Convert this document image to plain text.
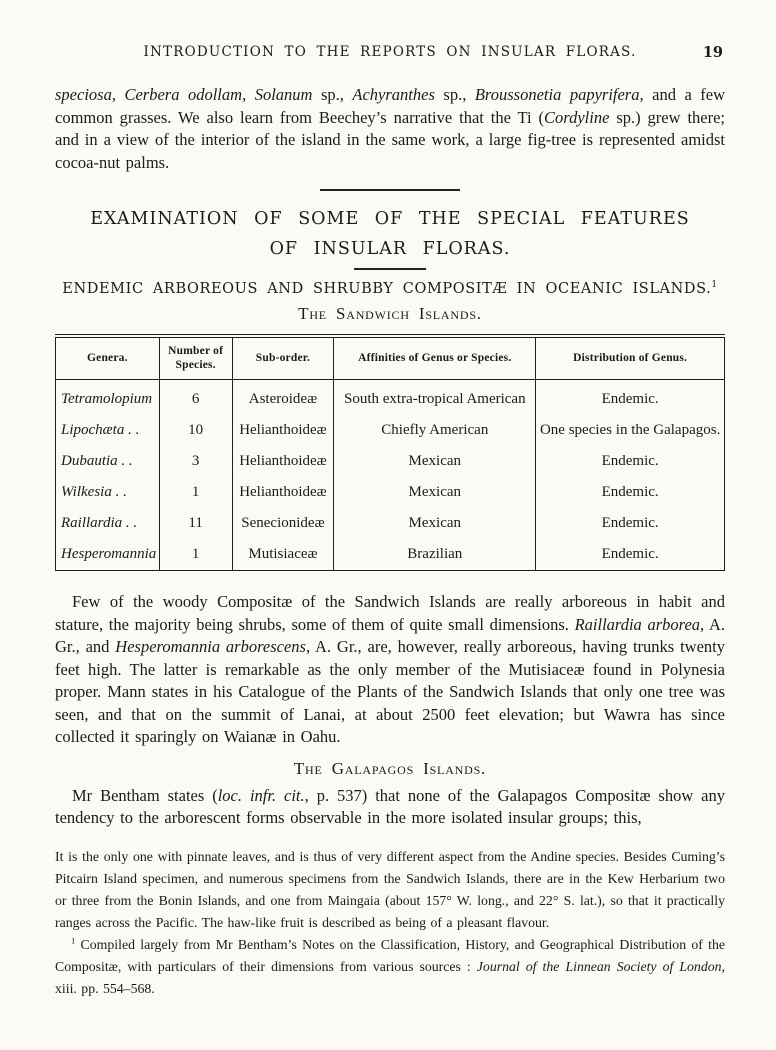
INTRODUCTION TO THE REPORTS ON INSULAR FLORAS.	19

speciosa, Cerbera odollam, Solanum sp., Achyranthes sp., Broussonetia papyrifera, and a few common grasses. We also learn from Beechey’s narrative that the Ti (Cordyline sp.) grew there; and in a view of the interior of the island in the same work, a large fig-tree is represented amidst cocoa-nut palms.

EXAMINATION OF SOME OF THE SPECIAL FEATURES OF INSULAR FLORAS.
ENDEMIC ARBOREOUS AND SHRUBBY COMPOSITÆ IN OCEANIC ISLANDS.$^1$
The Sandwich Islands.
Genera.	Number of Species.	Sub-order.	Affinities of Genus or Species.	Distribution of Genus.
Tetramolopium	6	Asteroideæ	South extra-tropical American	Endemic.
Lipochæta . .	10	Helianthoideæ	Chiefly American	One species in the Galapagos.
Dubautia . .	3	Helianthoideæ	Mexican	Endemic.
Wilkesia . .	1	Helianthoideæ	Mexican	Endemic.
Raillardia . .	11	Senecionideæ	Mexican	Endemic.
Hesperomannia	1	Mutisiaceæ	Brazilian	Endemic.

Few of the woody Compositæ of the Sandwich Islands are really arboreous in habit and stature, the majority being shrubs, some of them of quite small dimensions. Raillardia arborea, A. Gr., and Hesperomannia arborescens, A. Gr., are, however, really arboreous, having trunks twenty feet high. The latter is remarkable as the only member of the Mutisiaceæ found in Polynesia proper. Mann states in his Catalogue of the Plants of the Sandwich Islands that only one tree was seen, and that on the summit of Lanai, at about 2500 feet elevation; but Wawra has since collected it sparingly on Waianæ in Oahu.

The Galapagos Islands.

Mr Bentham states (loc. infr. cit., p. 537) that none of the Galapagos Compositæ show any tendency to the arborescent forms observable in the more isolated insular groups; this,

It is the only one with pinnate leaves, and is thus of very different aspect from the Andine species. Besides Cuming’s Pitcairn Island specimen, and numerous specimens from the Sandwich Islands, there are in the Kew Herbarium two or three from the Bonin Islands, and one from Maingaia (about 157° W. long., and 22° S. lat.), so that it practically ranges across the Pacific. The haw-like fruit is described as being of a pleasant flavour.

$^1$ Compiled largely from Mr Bentham’s Notes on the Classification, History, and Geographical Distribution of the Compositæ, with particulars of their dimensions from various sources : Journal of the Linnean Society of London, xiii. pp. 554–568.
